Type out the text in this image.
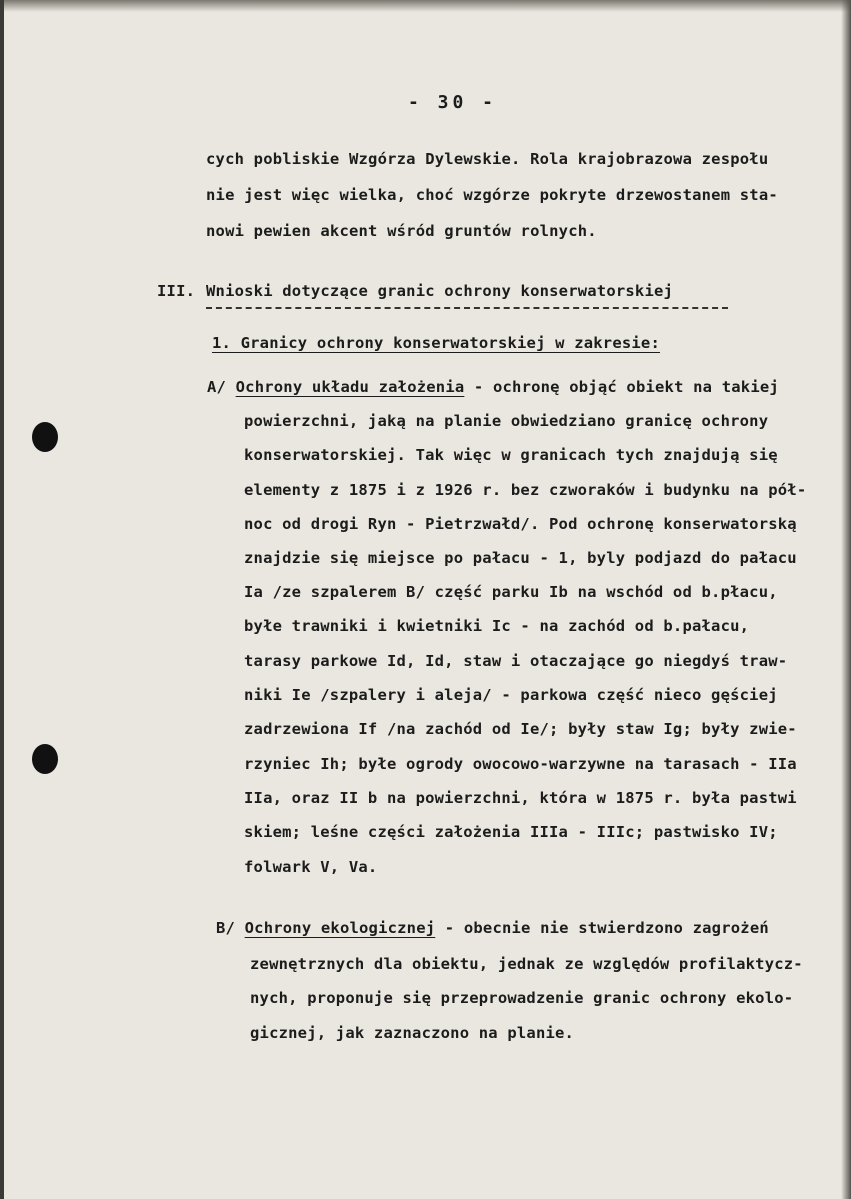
- 30 -

cych pobliskie Wzgórza Dylewskie. Rola krajobrazowa zespołu

nie jest więc wielka, choć wzgórze pokryte drzewostanem sta-

nowi pewien akcent wśród gruntów rolnych.

III. Wnioski dotyczące granic ochrony konserwatorskiej

1. Granicy ochrony konserwatorskiej w zakresie:

A/ Ochrony układu założenia - ochronę objąć obiekt na takiej

powierzchni, jaką na planie obwiedziano granicę ochrony

konserwatorskiej. Tak więc w granicach tych znajdują się

elementy z 1875 i z 1926 r. bez czworaków i budynku na pół-

noc od drogi Ryn - Pietrzwałd/. Pod ochronę konserwatorską

znajdzie się miejsce po pałacu - 1, byly podjazd do pałacu

Ia /ze szpalerem B/ część parku Ib na wschód od b.płacu,

byłe trawniki i kwietniki Ic - na zachód od b.pałacu,

tarasy parkowe Id, Id, staw i otaczające go niegdyś traw-

niki Ie /szpalery i aleja/ - parkowa część nieco gęściej

zadrzewiona If /na zachód od Ie/; były staw Ig; były zwie-

rzyniec Ih; byłe ogrody owocowo-warzywne na tarasach - IIa

IIa, oraz II b na powierzchni, która w 1875 r. była pastwi

skiem; leśne części założenia IIIa - IIIc; pastwisko IV;

folwark V, Va.

B/ Ochrony ekologicznej - obecnie nie stwierdzono zagrożeń

zewnętrznych dla obiektu, jednak ze względów profilaktycz-

nych, proponuje się przeprowadzenie granic ochrony ekolo-

gicznej, jak zaznaczono na planie.
